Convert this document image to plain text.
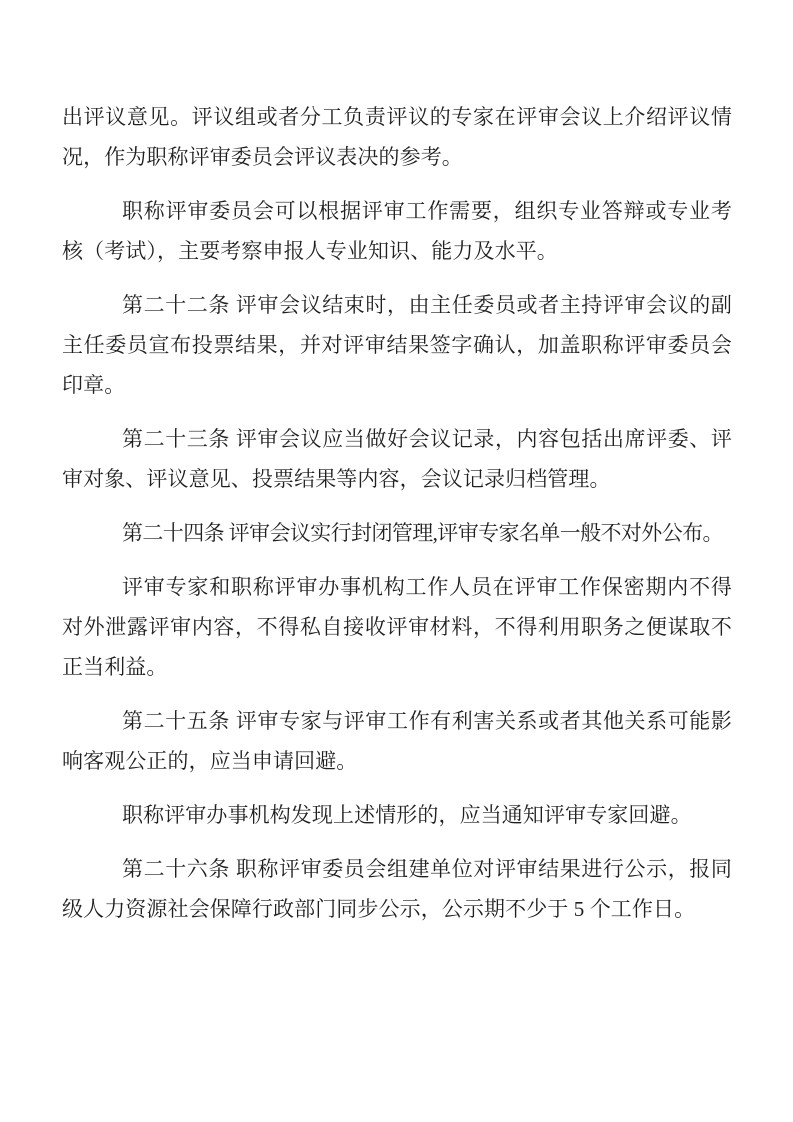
出评议意见。评议组或者分工负责评议的专家在评审会议上介绍评议情况，作为职称评审委员会评议表决的参考。

职称评审委员会可以根据评审工作需要，组织专业答辩或专业考核（考试），主要考察申报人专业知识、能力及水平。

第二十二条 评审会议结束时，由主任委员或者主持评审会议的副主任委员宣布投票结果，并对评审结果签字确认，加盖职称评审委员会印章。

第二十三条 评审会议应当做好会议记录，内容包括出席评委、评审对象、评议意见、投票结果等内容，会议记录归档管理。

第二十四条 评审会议实行封闭管理,评审专家名单一般不对外公布。

评审专家和职称评审办事机构工作人员在评审工作保密期内不得对外泄露评审内容，不得私自接收评审材料，不得利用职务之便谋取不正当利益。

第二十五条 评审专家与评审工作有利害关系或者其他关系可能影响客观公正的，应当申请回避。

职称评审办事机构发现上述情形的，应当通知评审专家回避。

第二十六条 职称评审委员会组建单位对评审结果进行公示，报同级人力资源社会保障行政部门同步公示，公示期不少于 5 个工作日。
